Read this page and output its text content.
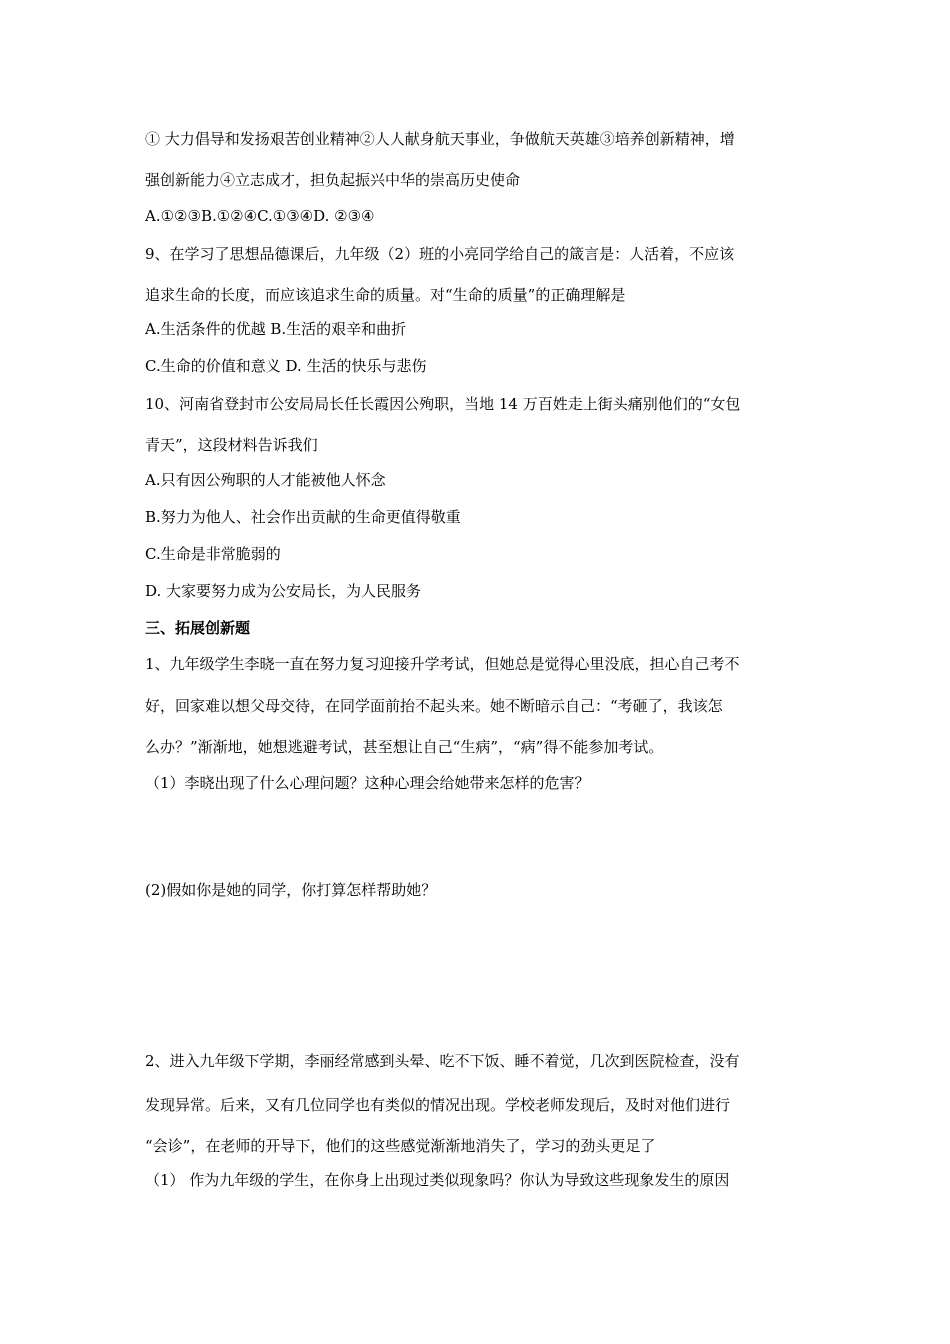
① 大力倡导和发扬艰苦创业精神②人人献身航天事业，争做航天英雄③培养创新精神，增
强创新能力④立志成才，担负起振兴中华的崇高历史使命
A.①②③B.①②④C.①③④D. ②③④
9、在学习了思想品德课后，九年级（2）班的小亮同学给自己的箴言是：人活着，不应该
追求生命的长度，而应该追求生命的质量。对“生命的质量”的正确理解是
A.生活条件的优越 B.生活的艰辛和曲折
C.生命的价值和意义 D. 生活的快乐与悲伤
10、河南省登封市公安局局长任长霞因公殉职，当地 14 万百姓走上街头痛别他们的“女包
青天”，这段材料告诉我们
A.只有因公殉职的人才能被他人怀念
B.努力为他人、社会作出贡献的生命更值得敬重
C.生命是非常脆弱的
D. 大家要努力成为公安局长，为人民服务
三、拓展创新题
1、九年级学生李晓一直在努力复习迎接升学考试，但她总是觉得心里没底，担心自己考不
好，回家难以想父母交待，在同学面前抬不起头来。她不断暗示自己：“考砸了，我该怎
么办？”渐渐地，她想逃避考试，甚至想让自己“生病”，“病”得不能参加考试。
（1）李晓出现了什么心理问题？这种心理会给她带来怎样的危害？
(2)假如你是她的同学，你打算怎样帮助她？
2、进入九年级下学期，李丽经常感到头晕、吃不下饭、睡不着觉，几次到医院检查，没有
发现异常。后来，又有几位同学也有类似的情况出现。学校老师发现后，及时对他们进行
“会诊”，在老师的开导下，他们的这些感觉渐渐地消失了，学习的劲头更足了
（1） 作为九年级的学生，在你身上出现过类似现象吗？你认为导致这些现象发生的原因
